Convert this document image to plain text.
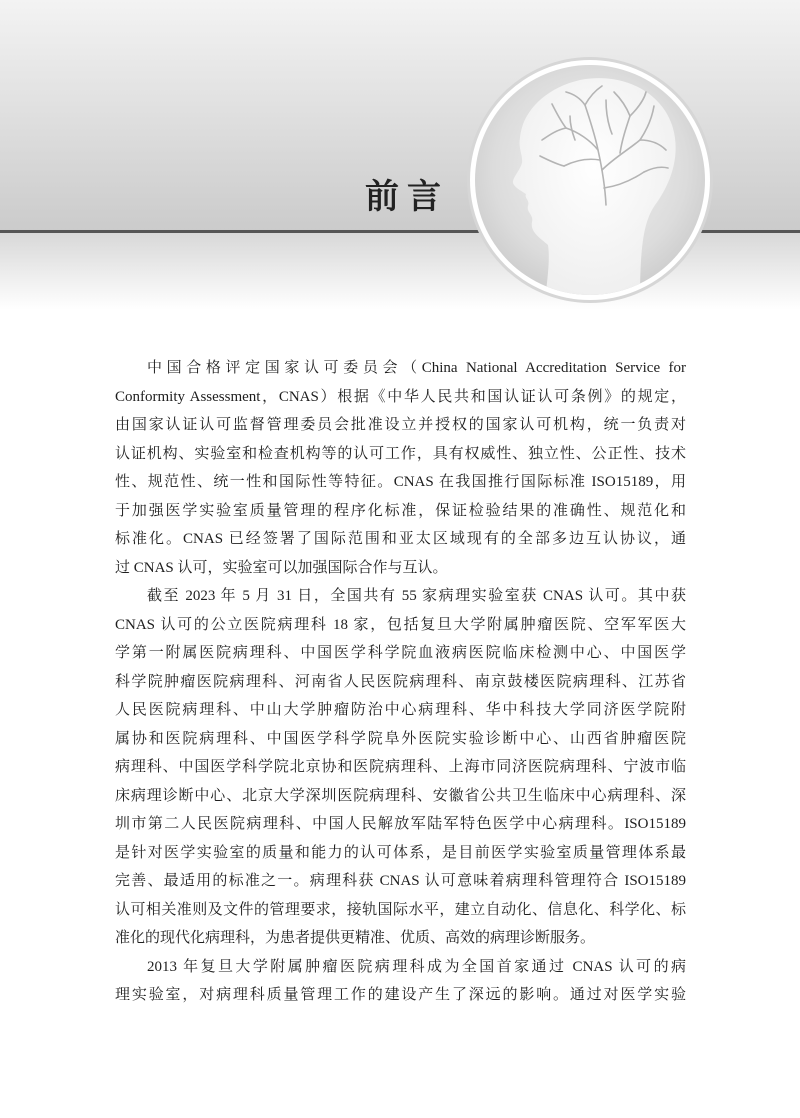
前言
中国合格评定国家认可委员会（China National Accreditation Service for
Conformity Assessment，CNAS）根据《中华人民共和国认证认可条例》的规定，
由国家认证认可监督管理委员会批准设立并授权的国家认可机构，统一负责对
认证机构、实验室和检查机构等的认可工作，具有权威性、独立性、公正性、技术
性、规范性、统一性和国际性等特征。CNAS 在我国推行国际标准 ISO15189，用
于加强医学实验室质量管理的程序化标准，保证检验结果的准确性、规范化和
标准化。CNAS 已经签署了国际范围和亚太区域现有的全部多边互认协议，通
过 CNAS 认可，实验室可以加强国际合作与互认。
截至 2023 年 5 月 31 日，全国共有 55 家病理实验室获 CNAS 认可。其中获
CNAS 认可的公立医院病理科 18 家，包括复旦大学附属肿瘤医院、空军军医大
学第一附属医院病理科、中国医学科学院血液病医院临床检测中心、中国医学
科学院肿瘤医院病理科、河南省人民医院病理科、南京鼓楼医院病理科、江苏省
人民医院病理科、中山大学肿瘤防治中心病理科、华中科技大学同济医学院附
属协和医院病理科、中国医学科学院阜外医院实验诊断中心、山西省肿瘤医院
病理科、中国医学科学院北京协和医院病理科、上海市同济医院病理科、宁波市临
床病理诊断中心、北京大学深圳医院病理科、安徽省公共卫生临床中心病理科、深
圳市第二人民医院病理科、中国人民解放军陆军特色医学中心病理科。ISO15189
是针对医学实验室的质量和能力的认可体系，是目前医学实验室质量管理体系最
完善、最适用的标准之一。病理科获 CNAS 认可意味着病理科管理符合 ISO15189
认可相关准则及文件的管理要求，接轨国际水平，建立自动化、信息化、科学化、标
准化的现代化病理科，为患者提供更精准、优质、高效的病理诊断服务。
2013 年复旦大学附属肿瘤医院病理科成为全国首家通过 CNAS 认可的病
理实验室，对病理科质量管理工作的建设产生了深远的影响。通过对医学实验
